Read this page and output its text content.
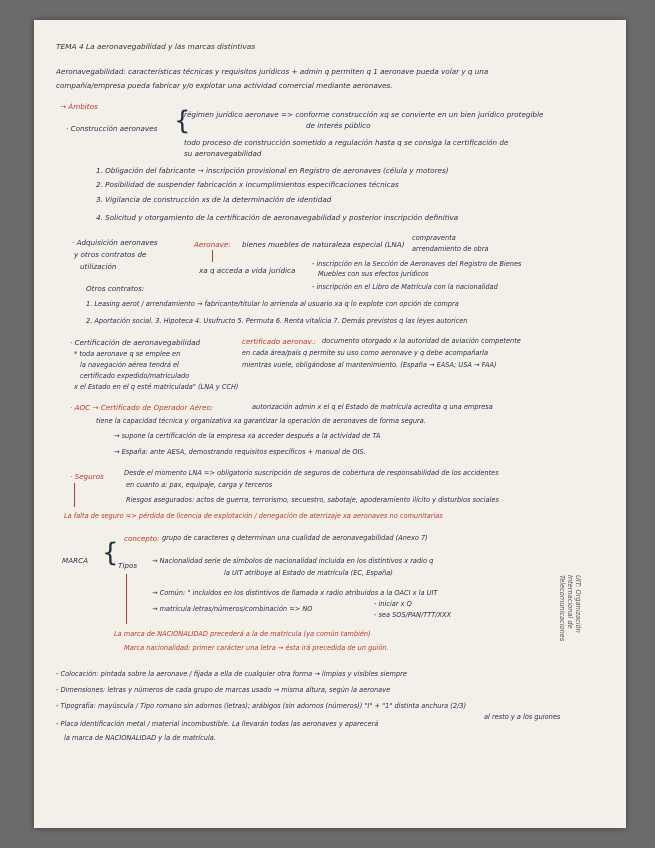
TEMA 4 La aeronavegabilidad y las marcas distintivas
Aeronavegabilidad: características técnicas y requisitos jurídicos + admin q permiten q 1 aeronave pueda volar y q una
compañía/empresa pueda fabricar y/o explotar una actividad comercial mediante aeronaves.
→ Ámbitos
· Construcción aeronaves {
régimen jurídico aeronave => conforme construcción xq se convierte en un bien jurídico protegible
de interés público
todo proceso de construcción sometido a regulación hasta q se consiga la certificación de
su aeronavegabilidad
1. Obligación del fabricante → inscripción provisional en Registro de aeronaves (célula y motores)
2. Posibilidad de suspender fabricación x incumplimientos especificaciones técnicas
3. Vigilancia de construcción xs de la determinación de identidad
4. Solicitud y otorgamiento de la certificación de aeronavegabilidad y posterior inscripción definitiva
· Adquisición aeronaves
y otros contratos de
utilización
Aeronave: bienes muebles de naturaleza especial (LNA)
compraventa
arrendamiento de obra
xa q acceda a vida jurídica
- inscripción en la Sección de Aeronaves del Registro de Bienes
Muebles con sus efectos jurídicos
- inscripción en el Libro de Matrícula con la nacionalidad
Otros contratos:
1. Leasing aerot / arrendamiento → fabricante/titular lo arrienda al usuario xa q lo explote con opción de compra
2. Aportación social. 3. Hipoteca 4. Usufructo 5. Permuta 6. Renta vitalicia 7. Demás previstos q las leyes autoricen
· Certificación de aeronavegabilidad	certificado aeronav.: documento otorgado x la autoridad de aviación competente
en cada área/país q permite su uso como aeronave y q debe acompañarla
mientras vuele, obligándose al mantenimiento. (España → EASA; USA → FAA)
* toda aeronave q se emplee en
la navegación aérea tendrá el
certificado expedido/matriculado
x el Estado en el q esté matriculada" (LNA y CCH)
· AOC → Certificado de Operador Aéreo:	autorización admin x el q el Estado de matrícula acredita q una empresa
tiene la capacidad técnica y organizativa xa garantizar la operación de aeronaves de forma segura.
→ supone la certificación de la empresa xa acceder después a la actividad de TA
→ España: ante AESA, demostrando requisitos específicos + manual de OIS.
· Seguros	Desde el momento LNA => obligatorio suscripción de seguros de cobertura de responsabilidad de los accidentes
en cuanto a: pax, equipaje, carga y terceros
Riesgos asegurados: actos de guerra, terrorismo, secuestro, sabotaje, apoderamiento ilícito y disturbios sociales
La falta de seguro => pérdida de licencia de explotación / denegación de aterrizaje xa aeronaves no comunitarias
concepto: grupo de caracteres q determinan una cualidad de aeronavegabilidad (Anexo 7)
MARCA { Tipos → Nacionalidad serie de símbolos de nacionalidad incluida en los distintivos x radio q
la UIT atribuye al Estado de matrícula (EC, España)
→ Común: " incluidos en los distintivos de llamada x radio atribuidos a la OACI x la UIT
→ matrícula letras/números/combinación => NO
- iniciar x Q
- sea SOS/PAN/TTT/XXX
La marca de NACIONALIDAD precederá a la de matrícula (ya común también)
Marca nacionalidad: primer carácter una letra → ésta irá precedida de un guión.
UIT: Organización
Internacional de
Telecomunicaciones
- Colocación: pintada sobre la aeronave / fijada a ella de cualquier otra forma → limpias y visibles siempre
- Dimensiones: letras y números de cada grupo de marcas usado → misma altura, según la aeronave
- Tipografía: mayúscula / Tipo romano sin adornos (letras); arábigos (sin adornos (números)) "I" + "1" distinta anchura (2/3)
al resto y a los guiones
- Placa identificación metal / material incombustible. La llevarán todas las aeronaves y aparecerá
la marca de NACIONALIDAD y la de matrícula.
